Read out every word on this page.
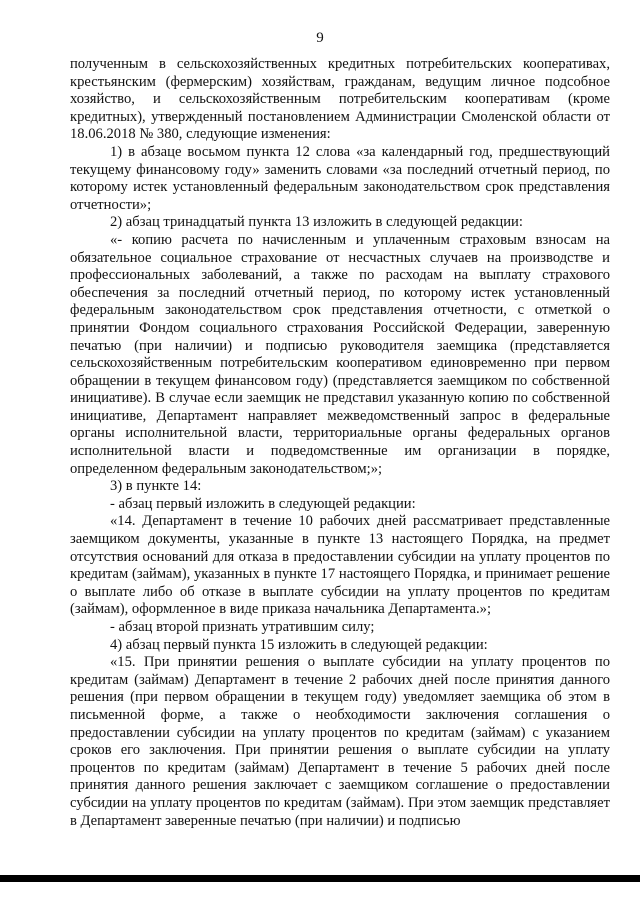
9

полученным в сельскохозяйственных кредитных потребительских кооперативах, крестьянским (фермерским) хозяйствам, гражданам, ведущим личное подсобное хозяйство, и сельскохозяйственным потребительским кооперативам (кроме кредитных), утвержденный постановлением Администрации Смоленской области от 18.06.2018 № 380, следующие изменения:

1) в абзаце восьмом пункта 12 слова «за календарный год, предшествующий текущему финансовому году» заменить словами «за последний отчетный период, по которому истек установленный федеральным законодательством срок представления отчетности»;

2) абзац тринадцатый пункта 13 изложить в следующей редакции:

«- копию расчета по начисленным и уплаченным страховым взносам на обязательное социальное страхование от несчастных случаев на производстве и профессиональных заболеваний, а также по расходам на выплату страхового обеспечения за последний отчетный период, по которому истек установленный федеральным законодательством срок представления отчетности, с отметкой о принятии Фондом социального страхования Российской Федерации, заверенную печатью (при наличии) и подписью руководителя заемщика (представляется сельскохозяйственным потребительским кооперативом единовременно при первом обращении в текущем финансовом году) (представляется заемщиком по собственной инициативе). В случае если заемщик не представил указанную копию по собственной инициативе, Департамент направляет межведомственный запрос в федеральные органы исполнительной власти, территориальные органы федеральных органов исполнительной власти и подведомственные им организации в порядке, определенном федеральным законодательством;»;

3) в пункте 14:

- абзац первый изложить в следующей редакции:

«14. Департамент в течение 10 рабочих дней рассматривает представленные заемщиком документы, указанные в пункте 13 настоящего Порядка, на предмет отсутствия оснований для отказа в предоставлении субсидии на уплату процентов по кредитам (займам), указанных в пункте 17 настоящего Порядка, и принимает решение о выплате либо об отказе в выплате субсидии на уплату процентов по кредитам (займам), оформленное в виде приказа начальника Департамента.»;

- абзац второй признать утратившим силу;

4) абзац первый пункта 15 изложить в следующей редакции:

«15. При принятии решения о выплате субсидии на уплату процентов по кредитам (займам) Департамент в течение 2 рабочих дней после принятия данного решения (при первом обращении в текущем году) уведомляет заемщика об этом в письменной форме, а также о необходимости заключения соглашения о предоставлении субсидии на уплату процентов по кредитам (займам) с указанием сроков его заключения. При принятии решения о выплате субсидии на уплату процентов по кредитам (займам) Департамент в течение 5 рабочих дней после принятия данного решения заключает с заемщиком соглашение о предоставлении субсидии на уплату процентов по кредитам (займам). При этом заемщик представляет в Департамент заверенные печатью (при наличии) и подписью
